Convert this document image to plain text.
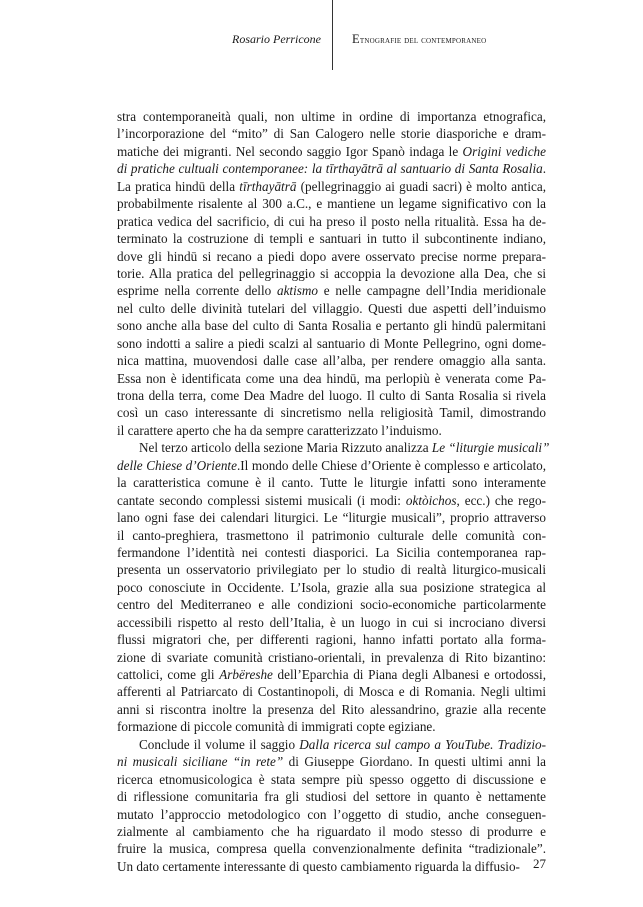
Rosario Perricone Etnografie del contemporaneo
stra contemporaneità quali, non ultime in ordine di importanza etnografica,
l’incorporazione del “mito” di San Calogero nelle storie diasporiche e dram-
matiche dei migranti. Nel secondo saggio Igor Spanò indaga le Origini vediche
di pratiche cultuali contemporanee: la tīrthayātrā al santuario di Santa Rosalia.
La pratica hindū della tīrthayātrā (pellegrinaggio ai guadi sacri) è molto antica,
probabilmente risalente al 300 a.C., e mantiene un legame significativo con la
pratica vedica del sacrificio, di cui ha preso il posto nella ritualità. Essa ha de-
terminato la costruzione di templi e santuari in tutto il subcontinente indiano,
dove gli hindū si recano a piedi dopo avere osservato precise norme prepara-
torie. Alla pratica del pellegrinaggio si accoppia la devozione alla Dea, che si
esprime nella corrente dello aktismo e nelle campagne dell’India meridionale
nel culto delle divinità tutelari del villaggio. Questi due aspetti dell’induismo
sono anche alla base del culto di Santa Rosalia e pertanto gli hindū palermitani
sono indotti a salire a piedi scalzi al santuario di Monte Pellegrino, ogni dome-
nica mattina, muovendosi dalle case all’alba, per rendere omaggio alla santa.
Essa non è identificata come una dea hindū, ma perlopiù è venerata come Pa-
trona della terra, come Dea Madre del luogo. Il culto di Santa Rosalia si rivela
così un caso interessante di sincretismo nella religiosità Tamil, dimostrando
il carattere aperto che ha da sempre caratterizzato l’induismo.
Nel terzo articolo della sezione Maria Rizzuto analizza Le “liturgie musicali”
delle Chiese d’Oriente.Il mondo delle Chiese d’Oriente è complesso e articolato,
la caratteristica comune è il canto. Tutte le liturgie infatti sono interamente
cantate secondo complessi sistemi musicali (i modi: oktòichos, ecc.) che rego-
lano ogni fase dei calendari liturgici. Le “liturgie musicali”, proprio attraverso
il canto-preghiera, trasmettono il patrimonio culturale delle comunità con-
fermandone l’identità nei contesti diasporici. La Sicilia contemporanea rap-
presenta un osservatorio privilegiato per lo studio di realtà liturgico-musicali
poco conosciute in Occidente. L’Isola, grazie alla sua posizione strategica al
centro del Mediterraneo e alle condizioni socio-economiche particolarmente
accessibili rispetto al resto dell’Italia, è un luogo in cui si incrociano diversi
flussi migratori che, per differenti ragioni, hanno infatti portato alla forma-
zione di svariate comunità cristiano-orientali, in prevalenza di Rito bizantino:
cattolici, come gli Arbëreshe dell’Eparchia di Piana degli Albanesi e ortodossi,
afferenti al Patriarcato di Costantinopoli, di Mosca e di Romania. Negli ultimi
anni si riscontra inoltre la presenza del Rito alessandrino, grazie alla recente
formazione di piccole comunità di immigrati copte egiziane.
Conclude il volume il saggio Dalla ricerca sul campo a YouTube. Tradizio-
ni musicali siciliane “in rete” di Giuseppe Giordano. In questi ultimi anni la
ricerca etnomusicologica è stata sempre più spesso oggetto di discussione e
di riflessione comunitaria fra gli studiosi del settore in quanto è nettamente
mutato l’approccio metodologico con l’oggetto di studio, anche conseguen-
zialmente al cambiamento che ha riguardato il modo stesso di produrre e
fruire la musica, compresa quella convenzionalmente definita “tradizionale”.
Un dato certamente interessante di questo cambiamento riguarda la diffusio-	27
